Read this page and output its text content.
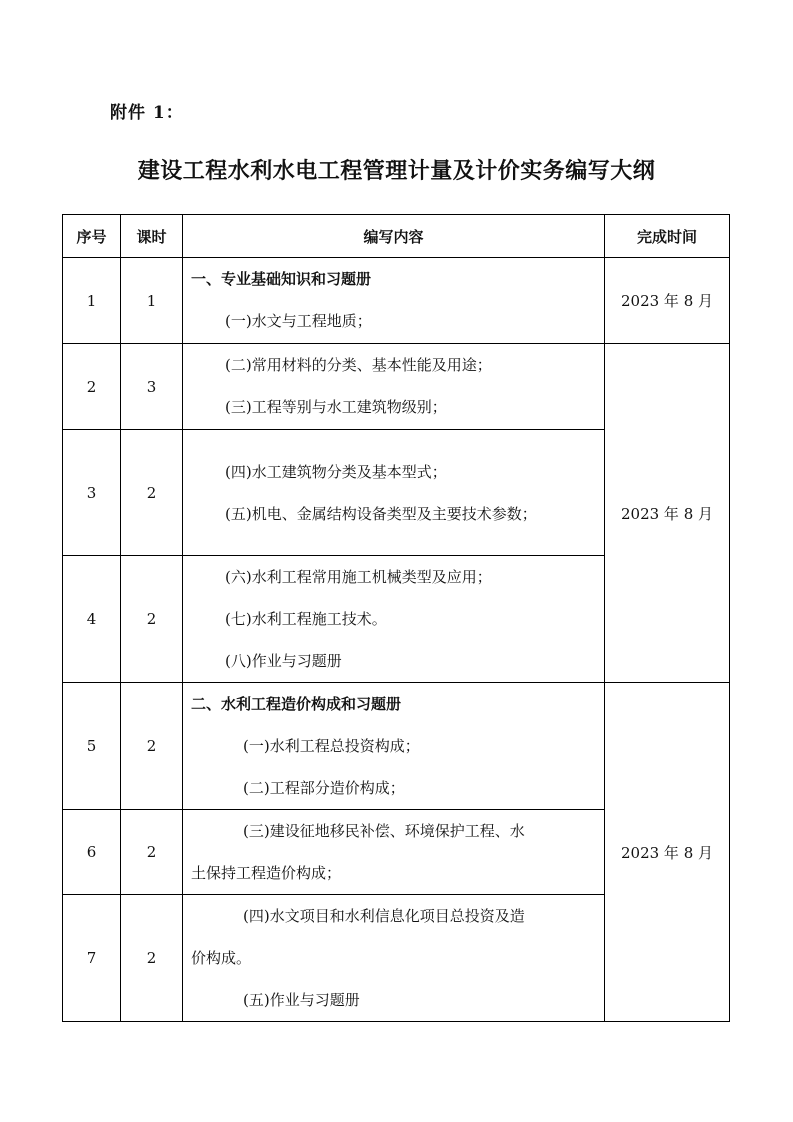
附件 1：
建设工程水利水电工程管理计量及计价实务编写大纲
序号	课时	编写内容	完成时间
1	1	一、专业基础知识和习题册
(一)水文与工程地质；	2023 年 8 月
2	3	(二)常用材料的分类、基本性能及用途；
(三)工程等别与水工建筑物级别；	2023 年 8 月
3	2	(四)水工建筑物分类及基本型式；
(五)机电、金属结构设备类型及主要技术参数；	

4	2	(六)水利工程常用施工机械类型及应用；
(七)水利工程施工技术。
(八)作业与习题册	

5	2	二、水利工程造价构成和习题册
(一)水利工程总投资构成；
(二)工程部分造价构成；	2023 年 8 月
6	2	(三)建设征地移民补偿、环境保护工程、水
土保持工程造价构成；	

7	2	(四)水文项目和水利信息化项目总投资及造
价构成。
(五)作业与习题册	
